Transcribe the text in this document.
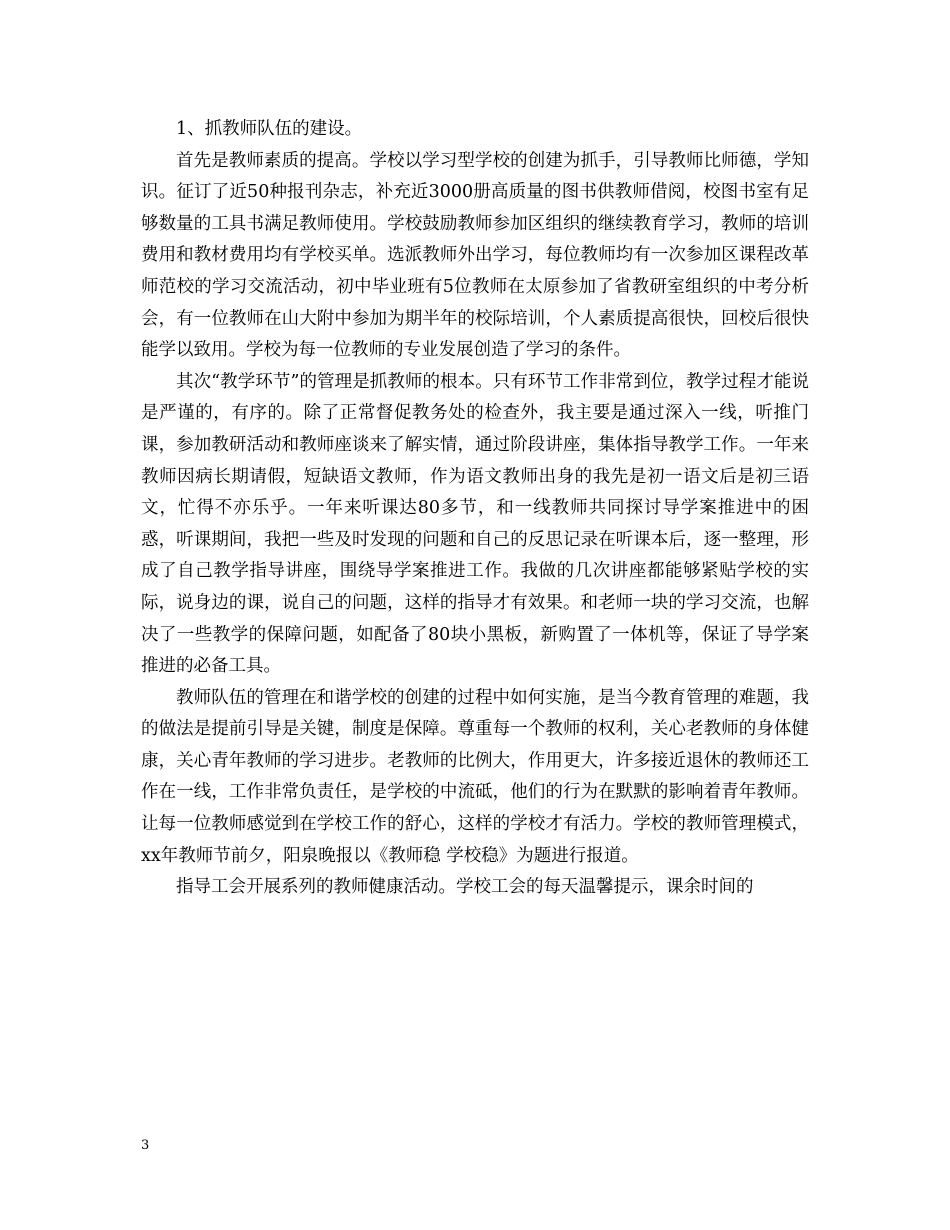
1、抓教师队伍的建设。

首先是教师素质的提高。学校以学习型学校的创建为抓手，引导教师比师德，学知识。征订了近50种报刊杂志，补充近3000册高质量的图书供教师借阅，校图书室有足够数量的工具书满足教师使用。学校鼓励教师参加区组织的继续教育学习，教师的培训费用和教材费用均有学校买单。选派教师外出学习，每位教师均有一次参加区课程改革师范校的学习交流活动，初中毕业班有5位教师在太原参加了省教研室组织的中考分析会，有一位教师在山大附中参加为期半年的校际培训，个人素质提高很快，回校后很快能学以致用。学校为每一位教师的专业发展创造了学习的条件。

其次“教学环节”的管理是抓教师的根本。只有环节工作非常到位，教学过程才能说是严谨的，有序的。除了正常督促教务处的检查外，我主要是通过深入一线，听推门课，参加教研活动和教师座谈来了解实情，通过阶段讲座，集体指导教学工作。一年来教师因病长期请假，短缺语文教师，作为语文教师出身的我先是初一语文后是初三语文，忙得不亦乐乎。一年来听课达80多节，和一线教师共同探讨导学案推进中的困惑，听课期间，我把一些及时发现的问题和自己的反思记录在听课本后，逐一整理，形成了自己教学指导讲座，围绕导学案推进工作。我做的几次讲座都能够紧贴学校的实际，说身边的课，说自己的问题，这样的指导才有效果。和老师一块的学习交流，也解决了一些教学的保障问题，如配备了80块小黑板，新购置了一体机等，保证了导学案推进的必备工具。

教师队伍的管理在和谐学校的创建的过程中如何实施，是当今教育管理的难题，我的做法是提前引导是关键，制度是保障。尊重每一个教师的权利，关心老教师的身体健康，关心青年教师的学习进步。老教师的比例大，作用更大，许多接近退休的教师还工作在一线，工作非常负责任，是学校的中流砥，他们的行为在默默的影响着青年教师。让每一位教师感觉到在学校工作的舒心，这样的学校才有活力。学校的教师管理模式，xx年教师节前夕，阳泉晚报以《教师稳 学校稳》为题进行报道。

指导工会开展系列的教师健康活动。学校工会的每天温馨提示，课余时间的

3
